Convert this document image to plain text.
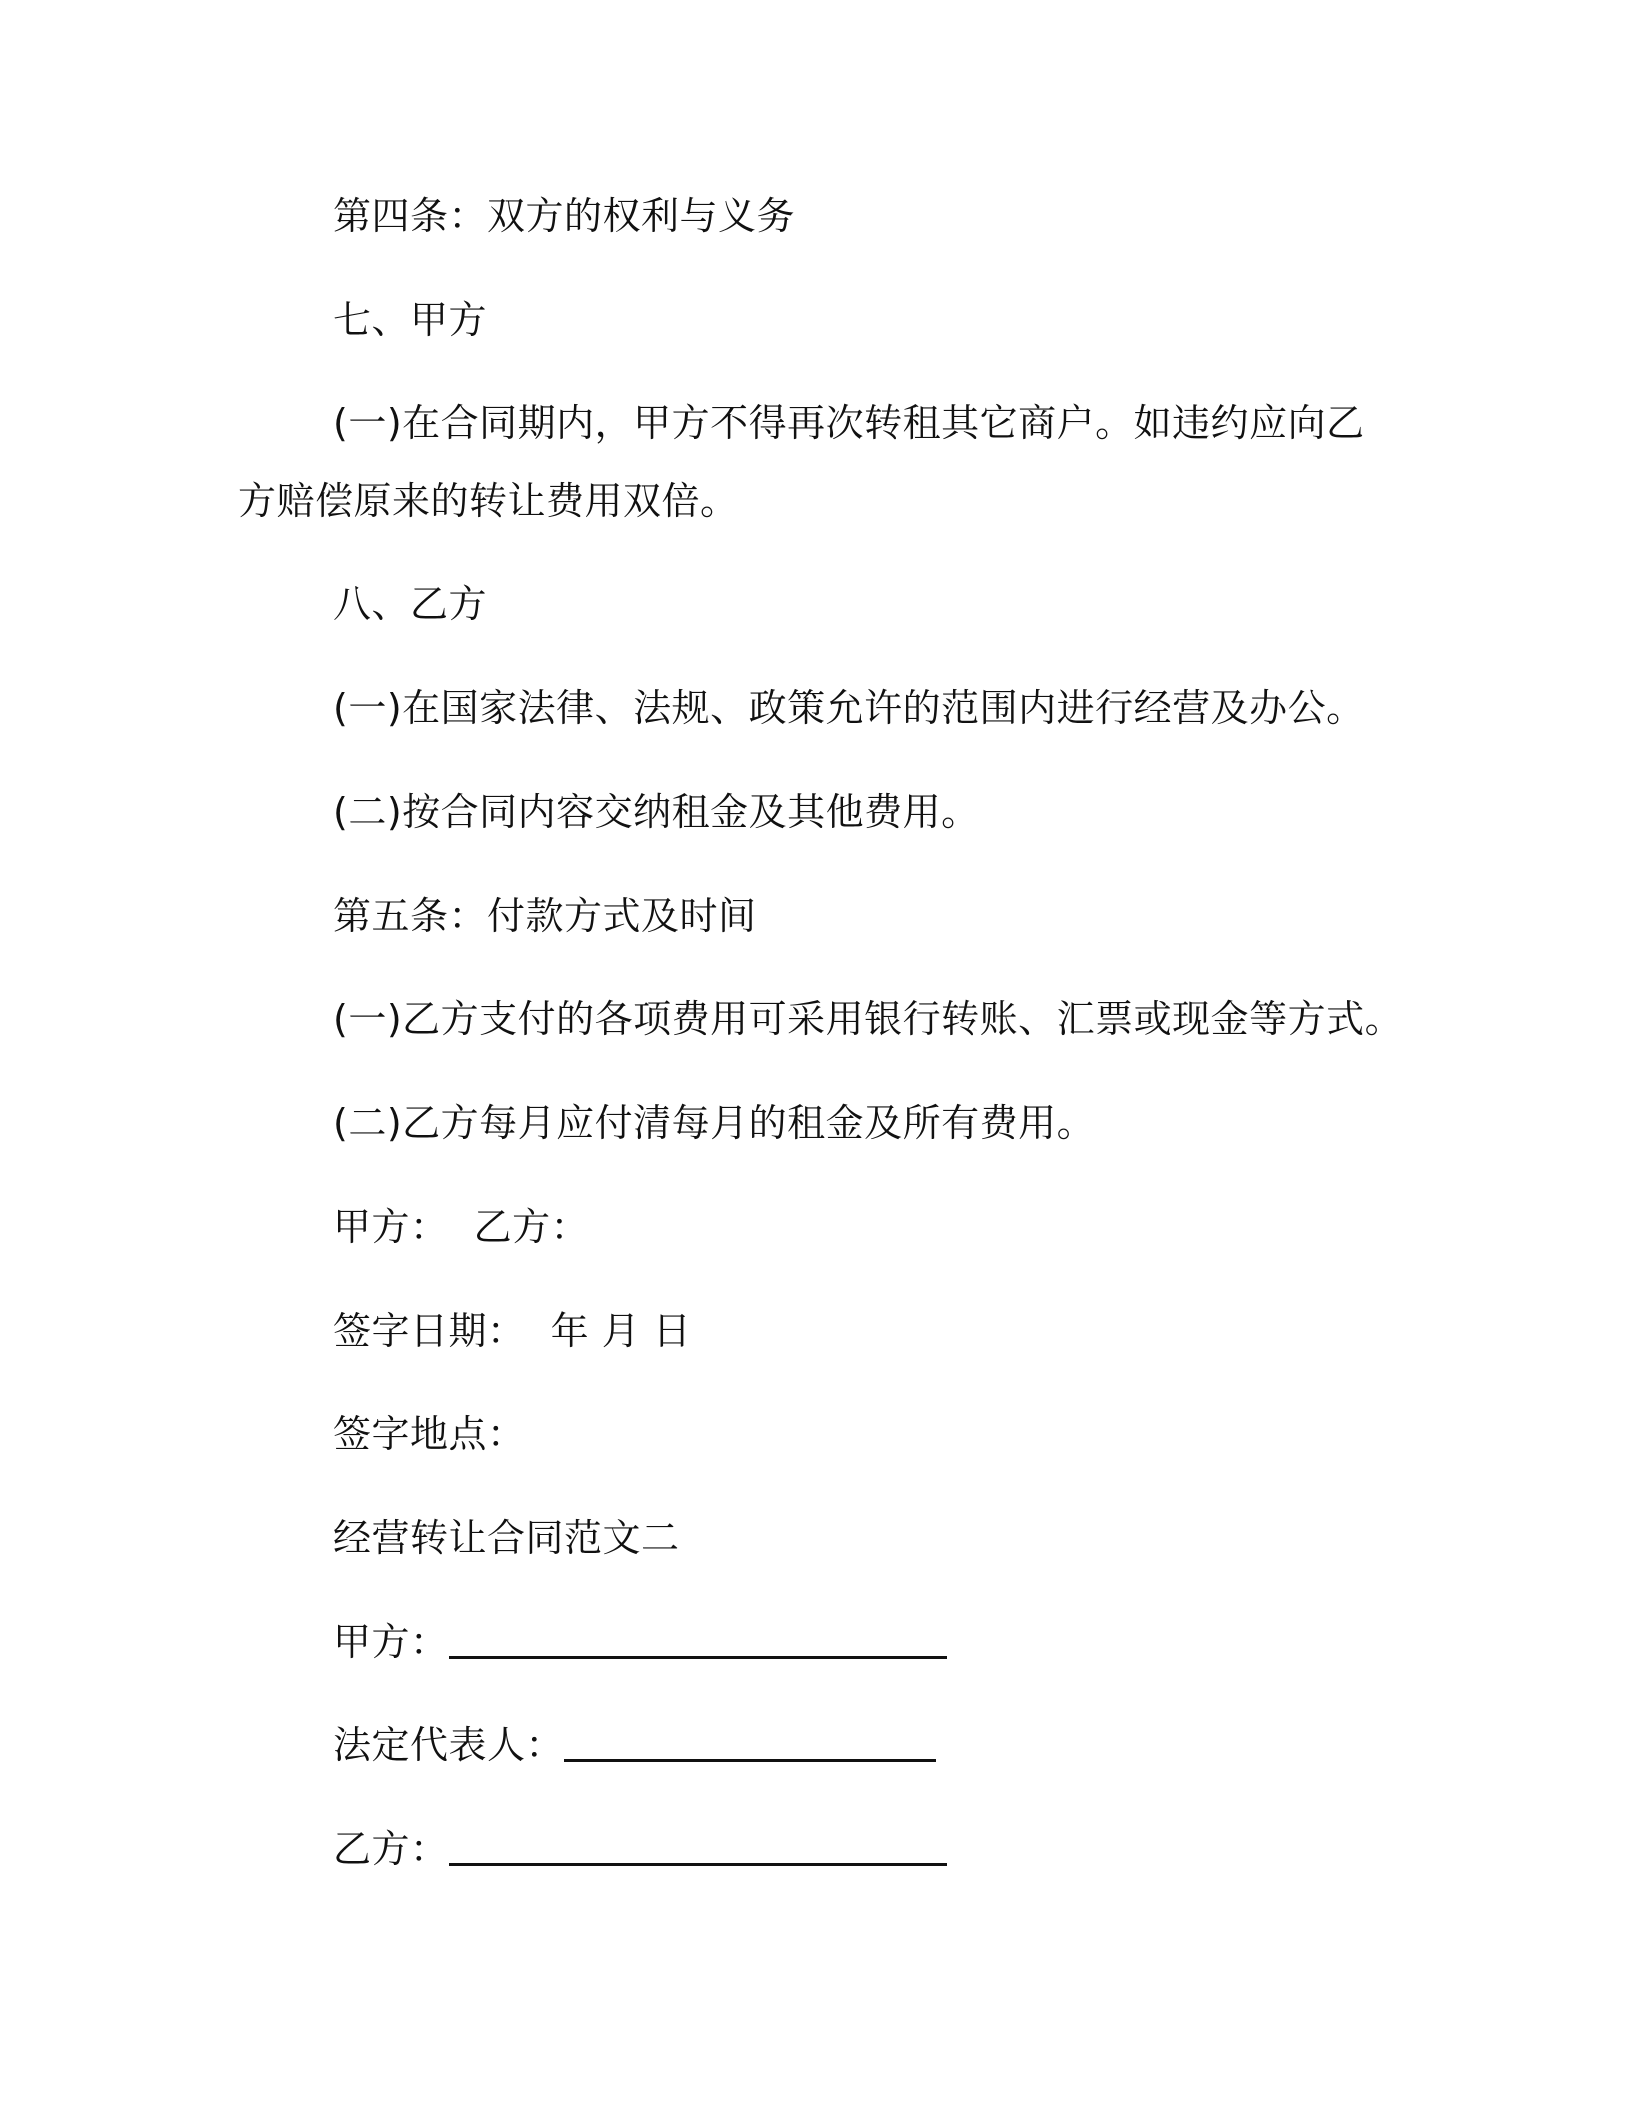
第四条：双方的权利与义务
七、甲方
(一)在合同期内，甲方不得再次转租其它商户。如违约应向乙方赔偿原来的转让费用双倍。
八、乙方
(一)在国家法律、法规、政策允许的范围内进行经营及办公。
(二)按合同内容交纳租金及其他费用。
第五条：付款方式及时间
(一)乙方支付的各项费用可采用银行转账、汇票或现金等方式。
(二)乙方每月应付清每月的租金及所有费用。
甲方：  乙方：
签字日期：  年 月 日
签字地点：
经营转让合同范文二
甲方：
法定代表人：
乙方：
